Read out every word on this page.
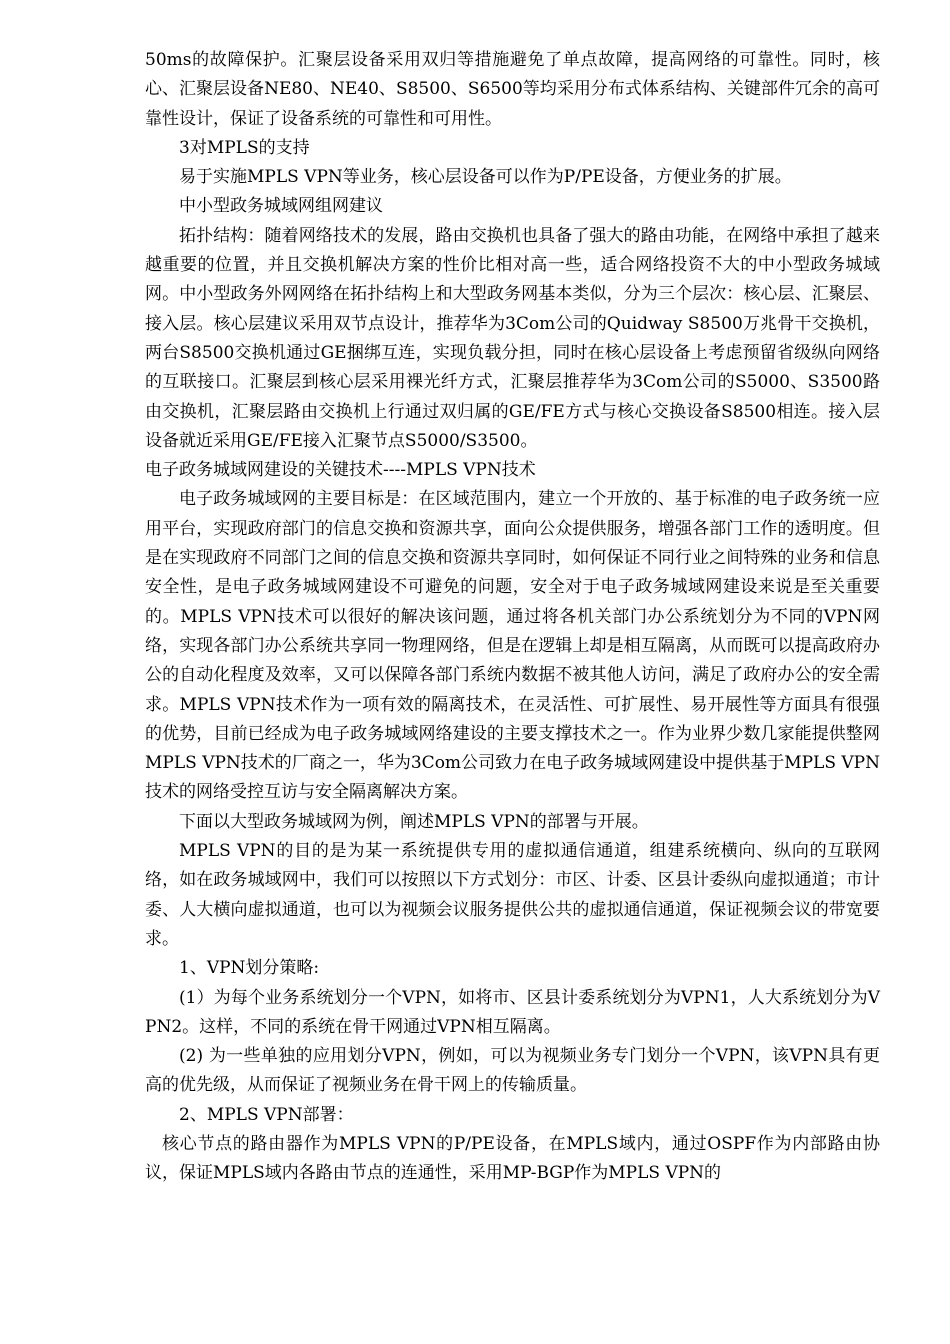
50ms的故障保护。汇聚层设备采用双归等措施避免了单点故障，提高网络的可靠性。同时，核心、汇聚层设备NE80、NE40、S8500、S6500等均采用分布式体系结构、关键部件冗余的高可靠性设计，保证了设备系统的可靠性和可用性。

3对MPLS的支持

易于实施MPLS VPN等业务，核心层设备可以作为P/PE设备，方便业务的扩展。

中小型政务城域网组网建议

拓扑结构：随着网络技术的发展，路由交换机也具备了强大的路由功能，在网络中承担了越来越重要的位置，并且交换机解决方案的性价比相对高一些，适合网络投资不大的中小型政务城域网。中小型政务外网网络在拓扑结构上和大型政务网基本类似，分为三个层次：核心层、汇聚层、接入层。核心层建议采用双节点设计，推荐华为3Com公司的Quidway S8500万兆骨干交换机，两台S8500交换机通过GE捆绑互连，实现负载分担，同时在核心层设备上考虑预留省级纵向网络的互联接口。汇聚层到核心层采用裸光纤方式，汇聚层推荐华为3Com公司的S5000、S3500路由交换机，汇聚层路由交换机上行通过双归属的GE/FE方式与核心交换设备S8500相连。接入层设备就近采用GE/FE接入汇聚节点S5000/S3500。

电子政务城域网建设的关键技术----MPLS VPN技术

电子政务城域网的主要目标是：在区域范围内，建立一个开放的、基于标准的电子政务统一应用平台，实现政府部门的信息交换和资源共享，面向公众提供服务，增强各部门工作的透明度。但是在实现政府不同部门之间的信息交换和资源共享同时，如何保证不同行业之间特殊的业务和信息安全性，是电子政务城域网建设不可避免的问题，安全对于电子政务城域网建设来说是至关重要的。MPLS VPN技术可以很好的解决该问题，通过将各机关部门办公系统划分为不同的VPN网络，实现各部门办公系统共享同一物理网络，但是在逻辑上却是相互隔离，从而既可以提高政府办公的自动化程度及效率，又可以保障各部门系统内数据不被其他人访问，满足了政府办公的安全需求。MPLS VPN技术作为一项有效的隔离技术，在灵活性、可扩展性、易开展性等方面具有很强的优势，目前已经成为电子政务城域网络建设的主要支撑技术之一。作为业界少数几家能提供整网MPLS VPN技术的厂商之一，华为3Com公司致力在电子政务城域网建设中提供基于MPLS VPN技术的网络受控互访与安全隔离解决方案。

下面以大型政务城域网为例，阐述MPLS VPN的部署与开展。

MPLS VPN的目的是为某一系统提供专用的虚拟通信通道，组建系统横向、纵向的互联网络，如在政务城域网中，我们可以按照以下方式划分：市区、计委、区县计委纵向虚拟通道；市计委、人大横向虚拟通道，也可以为视频会议服务提供公共的虚拟通信通道，保证视频会议的带宽要求。

1、VPN划分策略:

(1）为每个业务系统划分一个VPN，如将市、区县计委系统划分为VPN1，人大系统划分为VPN2。这样，不同的系统在骨干网通过VPN相互隔离。

(2) 为一些单独的应用划分VPN，例如，可以为视频业务专门划分一个VPN，该VPN具有更高的优先级，从而保证了视频业务在骨干网上的传输质量。

2、MPLS VPN部署：

核心节点的路由器作为MPLS VPN的P/PE设备，在MPLS域内，通过OSPF作为内部路由协议，保证MPLS域内各路由节点的连通性，采用MP-BGP作为MPLS VPN的
